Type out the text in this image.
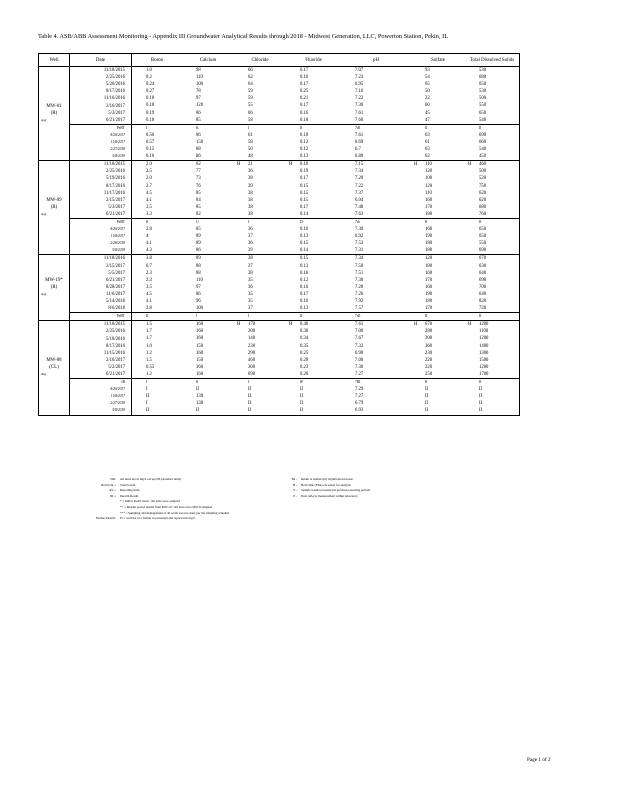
Table 4. ASB/ABB Assessment Monitoring - Appendix III Groundwater Analytical Results through 2018 - Midwest Generation, LLC, Powerton Station, Pekin, IL
Well	Date	Boron	Calcium	Chloride	Fluoride	pH	Sulfate	Total Dissolved Solids

MW-01
(R)
upgr	11/18/2015	1.0	98	66	0.17	7.07	93	530

	2/25/2016	0.2	110	62	0.16	7.23	54	680

	5/20/2016	0.24	100	64	0.17	6.95	65	650

	8/17/2016	0.27	78	59	0.25	7.16	50	530

	11/16/2016	0.18	97	59	0.21	7.22	22	500

	2/16/2017	0.18	120	55	0.17	7.30	60	550

	5/3/2017	0.19	86	66	0.16	7.61	45	650

	6/21/2017	0.18	85	58	0.18	7.60	47	540

	PeBT	I	K	I	II	7rII	II	II

	8/20/2017	0.56	86	61	0.18	7.61	63	690

	11/8/2017	0.57	150	58	0.12	6.69	61	660

	2/27/2018	0.15	88	50	0.12	6.7	63	540

	5/8/2018	0.16	86	48	0.13	6.80	62	450

MW-09
(R)
upgr	11/18/2015	2.0	62	H 21	H 0.19	7.15	H 110	H 460

	2/25/2016	2.5	77	36	0.19	7.34	120	500

	5/19/2016	2.0	73	38	0.17	7.20	100	520

	8/17/2016	2.7	76	39	0.15	7.22	120	750

	11/17/2016	4.5	85	38	0.15	7.37	110	620

	2/15/2017	4.1	84	38	0.15	6.94	160	620

	5/3/2017	3.5	85	38	0.17	7.48	170	680

	6/21/2017	3.3	82	38	0.14	7.63	180	760

	PeBT	II	U	I	D	7rb	II	II

	8/20/2017	2.8	85	36	0.16	7.30	160	650

	11/8/2017	4	89	37	0.13	6.92	190	650

	2/28/2018	4.1	89	36	0.15	7.53	180	550

	5/8/2018	4.3	86	39	0.14	7.31	180	690

MW-19*
(R)
upgr	11/18/2016	3.8	89	38	0.15	7.34	120	670

	2/15/2017	6.7	88	37	0.13	7.50	180	630

	5/5/2017	2.3	88	38	0.16	7.51	160	640

	6/21/2017	2.3	110	35	0.12	7.30	170	690

	8/28/2017	3.5	97	36	0.16	7.20	160	700

	11/6/2017	4.5	86	35	0.17	7.26	190	640

	5/14/2018	4.1	96	35	0.16	7.92	180	820

	8/6/2018	2.8	100	37	0.13	7.57	170	720

	PeBT	II	I	I	II	7rII	II	II

MW-08
(CL)
dngr	11/18/2015	1.5	160	H 170	H 0.46	7.61	H 670	H 1200

	2/25/2016	1.7	160	200	0.30	7.00	280	1100

	5/18/2016	1.7	160	140	0.34	7.67	300	1200

	8/17/2016	1.0	150	230	0.35	7.32	360	1400

	11/15/2016	1.2	160	290	0.25	6.90	230	1300

	2/16/2017	1.5	150	460	0.28	7.00	220	1500

	5/2/2017	0.55	160	300	0.23	7.30	220	1200

	6/21/2017	1.2	160	690	0.20	7.27	250	1700

	IR	I	II	I	IF	7RI	II	II

	8/20/2017	I	II	II	II	7.29	II	II

	11/8/2017	II	130	II	II	7.27	II	II

	2/27/2018	I	130	II	II	6.79	II	II

	5/8/2018	II	II	II	II	6.93	II	II
Nm: All units are in mg/L except pH (standard units)
Bold font = Trend result
RL = Reporting limit
IR = Interim Result
* = Initial Trend result / All sites were sampled
** = Interim period results from MW-19 / All sites were MW-8 sampled
*** = Sampling and management of all wells was not done per the sampling schedule
Further Details: Pr = well list in a format as presented and reported in mg/L
Ba - Result is statistically significant increase
H - Hold time (EPA) exceeded for analysis
P - Sample results presented in previous reporting periods
E - Data reflects measurement within laboratory
Page 1 of 2
